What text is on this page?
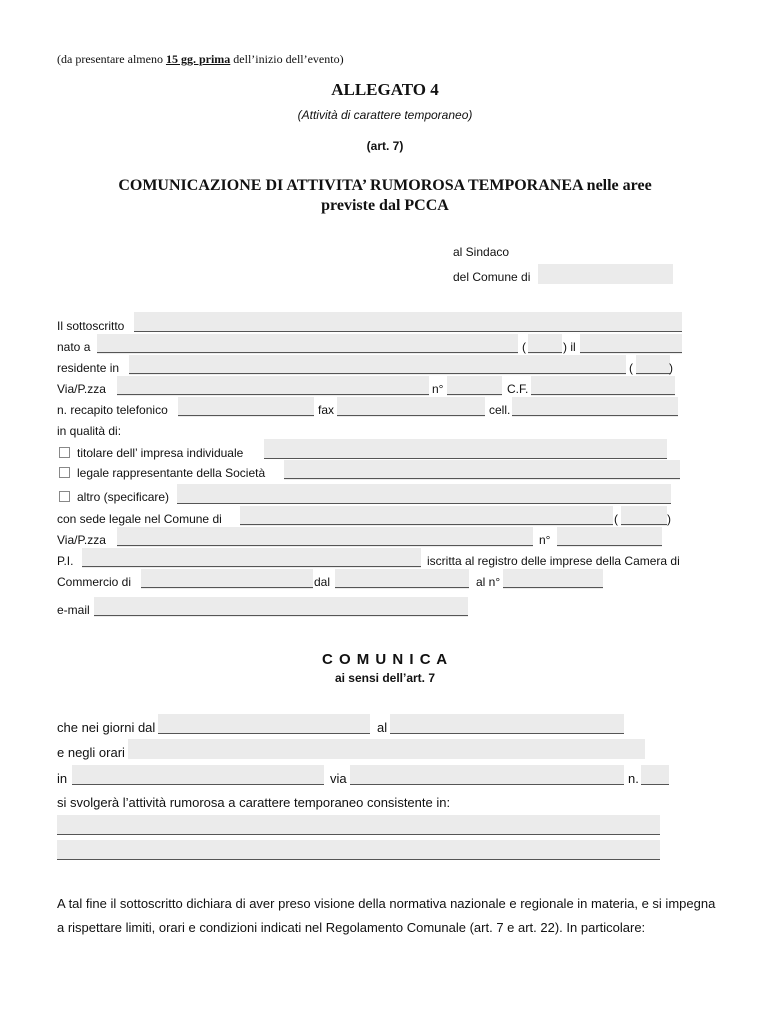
(da presentare almeno 15 gg. prima dell’inizio dell’evento)
ALLEGATO 4
(Attività di carattere temporaneo)
(art. 7)
COMUNICAZIONE DI ATTIVITA’ RUMOROSA TEMPORANEA nelle aree
previste dal PCCA
al Sindaco
del Comune di
Il sottoscritto
nato a	(	) il
residente in	(	)
Via/P.zza	n°	C.F.
n. recapito telefonico	fax	cell.
in qualità di:
titolare dell’ impresa individuale
legale rappresentante della Società
altro (specificare)
con sede legale nel Comune di	(	)
Via/P.zza	n°
P.I.	iscritta al registro delle imprese della Camera di
Commercio di	dal	al n°
e-mail
C O M U N I C A
ai sensi dell’art. 7
che nei giorni dal	al
e negli orari
in	via	n.
si svolgerà l’attività rumorosa a carattere temporaneo consistente in:
A tal fine il sottoscritto dichiara di aver preso visione della normativa nazionale e regionale in materia, e si impegna
a rispettare limiti, orari e condizioni indicati nel Regolamento Comunale (art. 7 e art. 22). In particolare:
